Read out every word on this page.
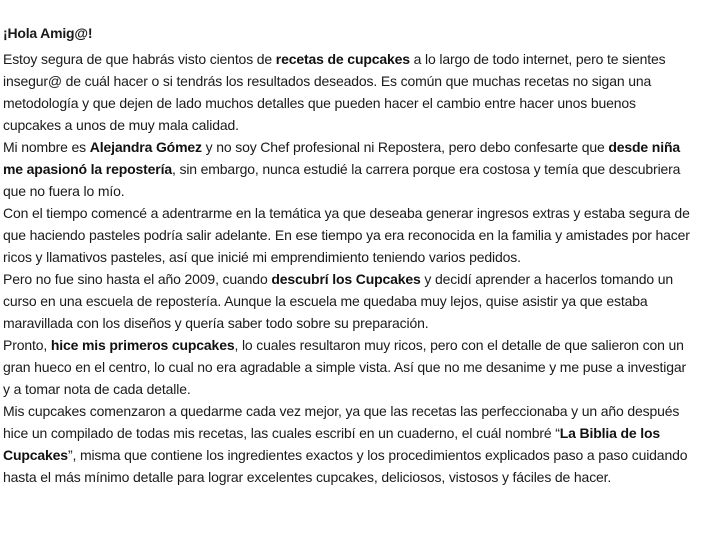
¡Hola Amig@!

Estoy segura de que habrás visto cientos de recetas de cupcakes a lo largo de todo internet, pero te sientes insegur@ de cuál hacer o si tendrás los resultados deseados. Es común que muchas recetas no sigan una metodología y que dejen de lado muchos detalles que pueden hacer el cambio entre hacer unos buenos cupcakes a unos de muy mala calidad.

Mi nombre es Alejandra Gómez y no soy Chef profesional ni Repostera, pero debo confesarte que desde niña me apasionó la repostería, sin embargo, nunca estudié la carrera porque era costosa y temía que descubriera que no fuera lo mío.

Con el tiempo comencé a adentrarme en la temática ya que deseaba generar ingresos extras y estaba segura de que haciendo pasteles podría salir adelante. En ese tiempo ya era reconocida en la familia y amistades por hacer ricos y llamativos pasteles, así que inicié mi emprendimiento teniendo varios pedidos.

Pero no fue sino hasta el año 2009, cuando descubrí los Cupcakes y decidí aprender a hacerlos tomando un curso en una escuela de repostería. Aunque la escuela me quedaba muy lejos, quise asistir ya que estaba maravillada con los diseños y quería saber todo sobre su preparación.

Pronto, hice mis primeros cupcakes, lo cuales resultaron muy ricos, pero con el detalle de que salieron con un gran hueco en el centro, lo cual no era agradable a simple vista. Así que no me desanime y me puse a investigar y a tomar nota de cada detalle.

Mis cupcakes comenzaron a quedarme cada vez mejor, ya que las recetas las perfeccionaba y un año después hice un compilado de todas mis recetas, las cuales escribí en un cuaderno, el cuál nombré “La Biblia de los Cupcakes”, misma que contiene los ingredientes exactos y los procedimientos explicados paso a paso cuidando hasta el más mínimo detalle para lograr excelentes cupcakes, deliciosos, vistosos y fáciles de hacer.
